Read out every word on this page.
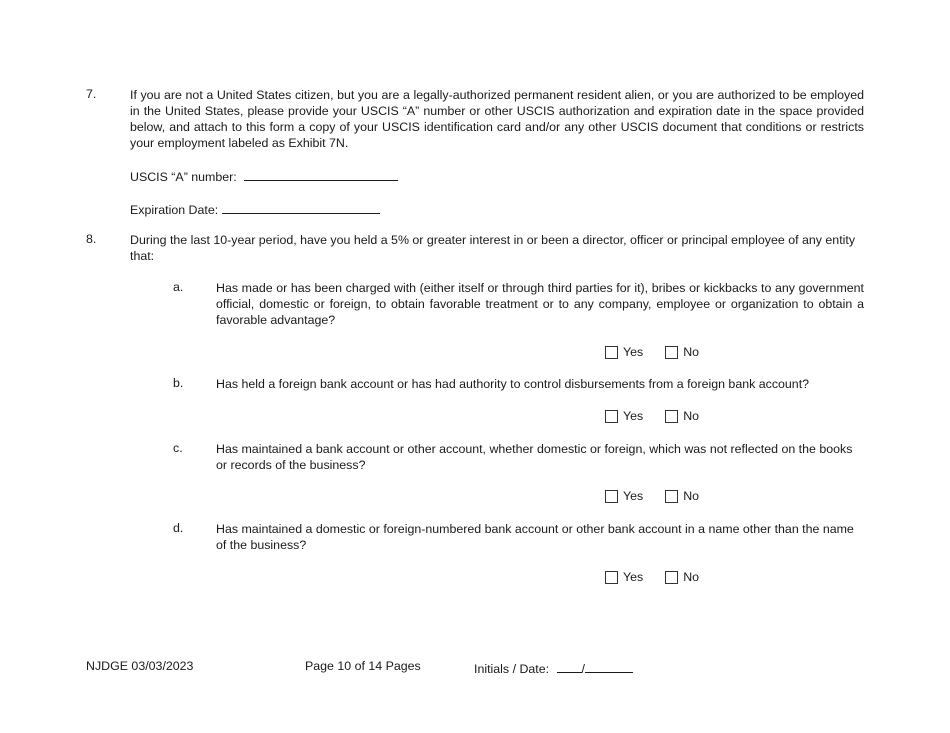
7.	If you are not a United States citizen, but you are a legally-authorized permanent resident alien, or you are authorized to be employed in the United States, please provide your USCIS “A” number or other USCIS authorization and expiration date in the space provided below, and attach to this form a copy of your USCIS identification card and/or any other USCIS document that conditions or restricts your employment labeled as Exhibit 7N.
USCIS “A” number:
Expiration Date:
8.	During the last 10-year period, have you held a 5% or greater interest in or been a director, officer or principal employee of any entity that:
a.	Has made or has been charged with (either itself or through third parties for it), bribes or kickbacks to any government official, domestic or foreign, to obtain favorable treatment or to any company, employee or organization to obtain a favorable advantage?
Yes	No
b.	Has held a foreign bank account or has had authority to control disbursements from a foreign bank account?
Yes	No
c.	Has maintained a bank account or other account, whether domestic or foreign, which was not reflected on the books or records of the business?
Yes	No
d.	Has maintained a domestic or foreign-numbered bank account or other bank account in a name other than the name of the business?
Yes	No
NJDGE 03/03/2023	Page 10 of 14 Pages	Initials / Date:	/
